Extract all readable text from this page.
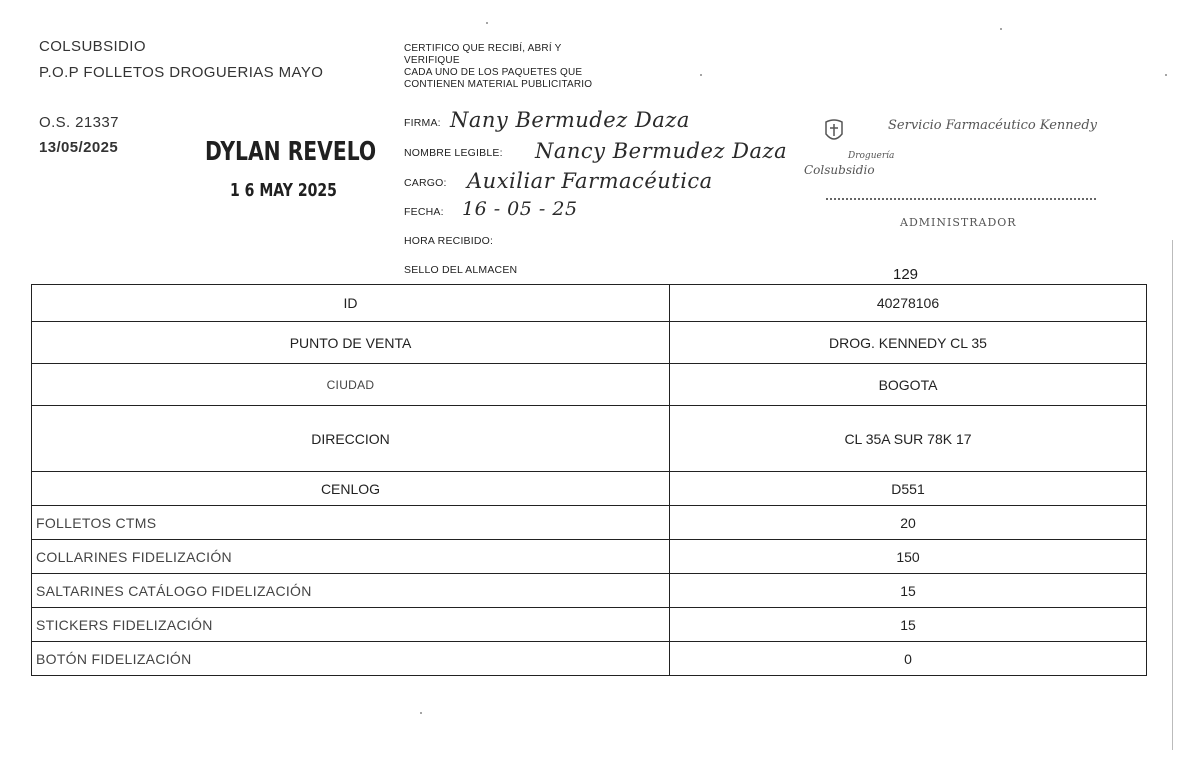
COLSUBSIDIO
P.O.P FOLLETOS DROGUERIAS MAYO
O.S. 21337
13/05/2025	DYLAN REVELO
1 6 MAY 2025
CERTIFICO QUE RECIBÍ, ABRÍ Y
VERIFIQUE
CADA UNO DE LOS PAQUETES QUE
CONTIENEN MATERIAL PUBLICITARIO
FIRMA: Nany Bermudez Daza
NOMBRE LEGIBLE: Nancy Bermudez Daza
CARGO: Auxiliar Farmacéutica
FECHA: 16 - 05 - 25
HORA RECIBIDO:
SELLO DEL ALMACEN
Servicio Farmacéutico Kennedy
Droguería
Colsubsidio
ADMINISTRADOR
129
ID	40278106
PUNTO DE VENTA	DROG. KENNEDY CL 35
CIUDAD	BOGOTA
DIRECCION	CL 35A SUR 78K 17
CENLOG	D551
FOLLETOS CTMS	20
COLLARINES FIDELIZACIÓN	150
SALTARINES CATÁLOGO FIDELIZACIÓN	15
STICKERS FIDELIZACIÓN	15
BOTÓN FIDELIZACIÓN	0
